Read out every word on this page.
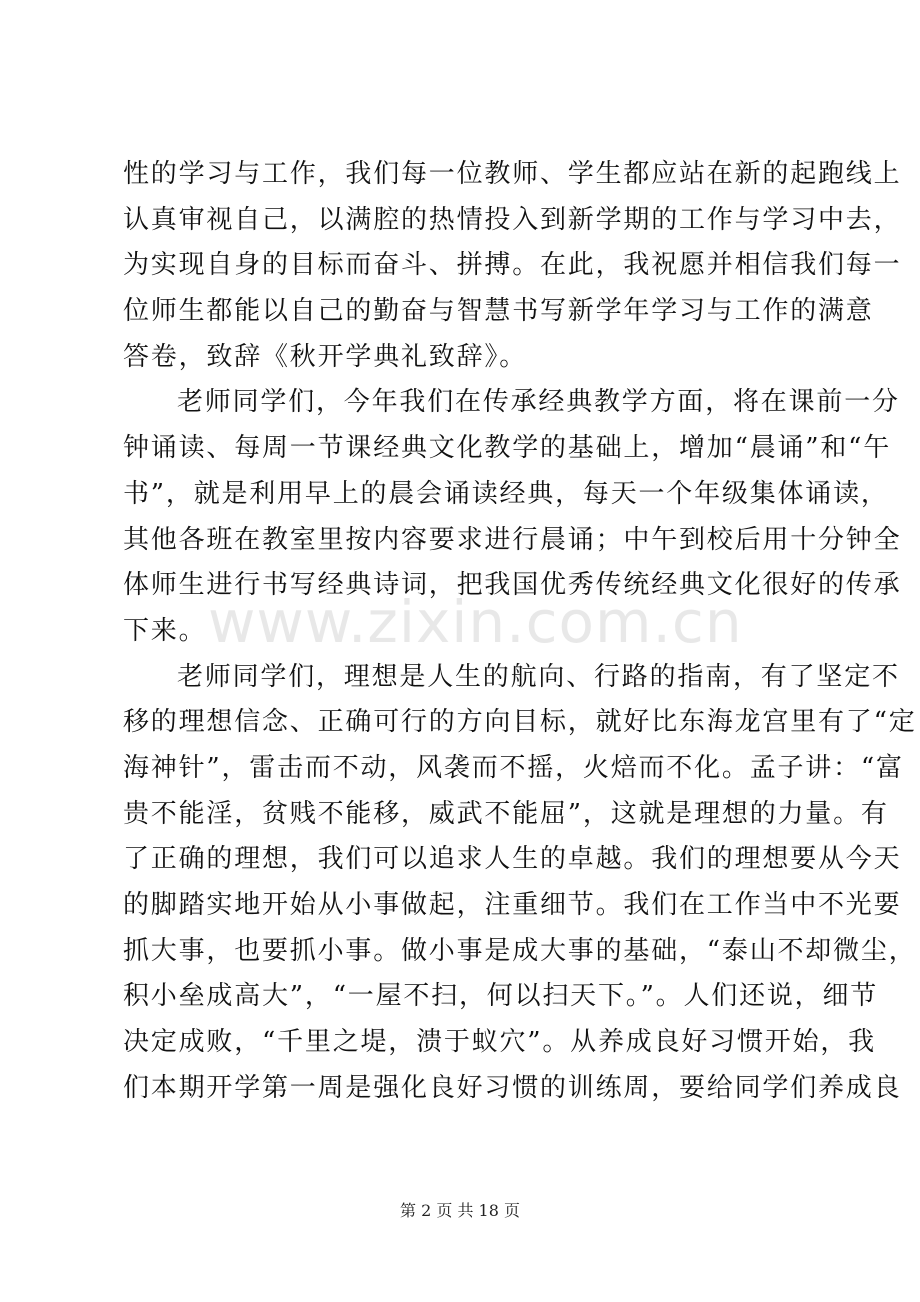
性的学习与工作，我们每一位教师、学生都应站在新的起跑线上
认真审视自己，以满腔的热情投入到新学期的工作与学习中去，
为实现自身的目标而奋斗、拼搏。在此，我祝愿并相信我们每一
位师生都能以自己的勤奋与智慧书写新学年学习与工作的满意
答卷，致辞《秋开学典礼致辞》。
老师同学们，今年我们在传承经典教学方面，将在课前一分
钟诵读、每周一节课经典文化教学的基础上，增加“晨诵”和“午
书”，就是利用早上的晨会诵读经典，每天一个年级集体诵读，
其他各班在教室里按内容要求进行晨诵；中午到校后用十分钟全
体师生进行书写经典诗词，把我国优秀传统经典文化很好的传承
下来。
老师同学们，理想是人生的航向、行路的指南，有了坚定不
移的理想信念、正确可行的方向目标，就好比东海龙宫里有了“定
海神针”，雷击而不动，风袭而不摇，火焙而不化。孟子讲：“富
贵不能淫，贫贱不能移，威武不能屈”，这就是理想的力量。有
了正确的理想，我们可以追求人生的卓越。我们的理想要从今天
的脚踏实地开始从小事做起，注重细节。我们在工作当中不光要
抓大事，也要抓小事。做小事是成大事的基础，“泰山不却微尘，
积小垒成高大”，“一屋不扫，何以扫天下。”。人们还说，细节
决定成败，“千里之堤，溃于蚁穴”。从养成良好习惯开始，我
们本期开学第一周是强化良好习惯的训练周，要给同学们养成良
www.zixin.com.cn
第 2 页 共 18 页
